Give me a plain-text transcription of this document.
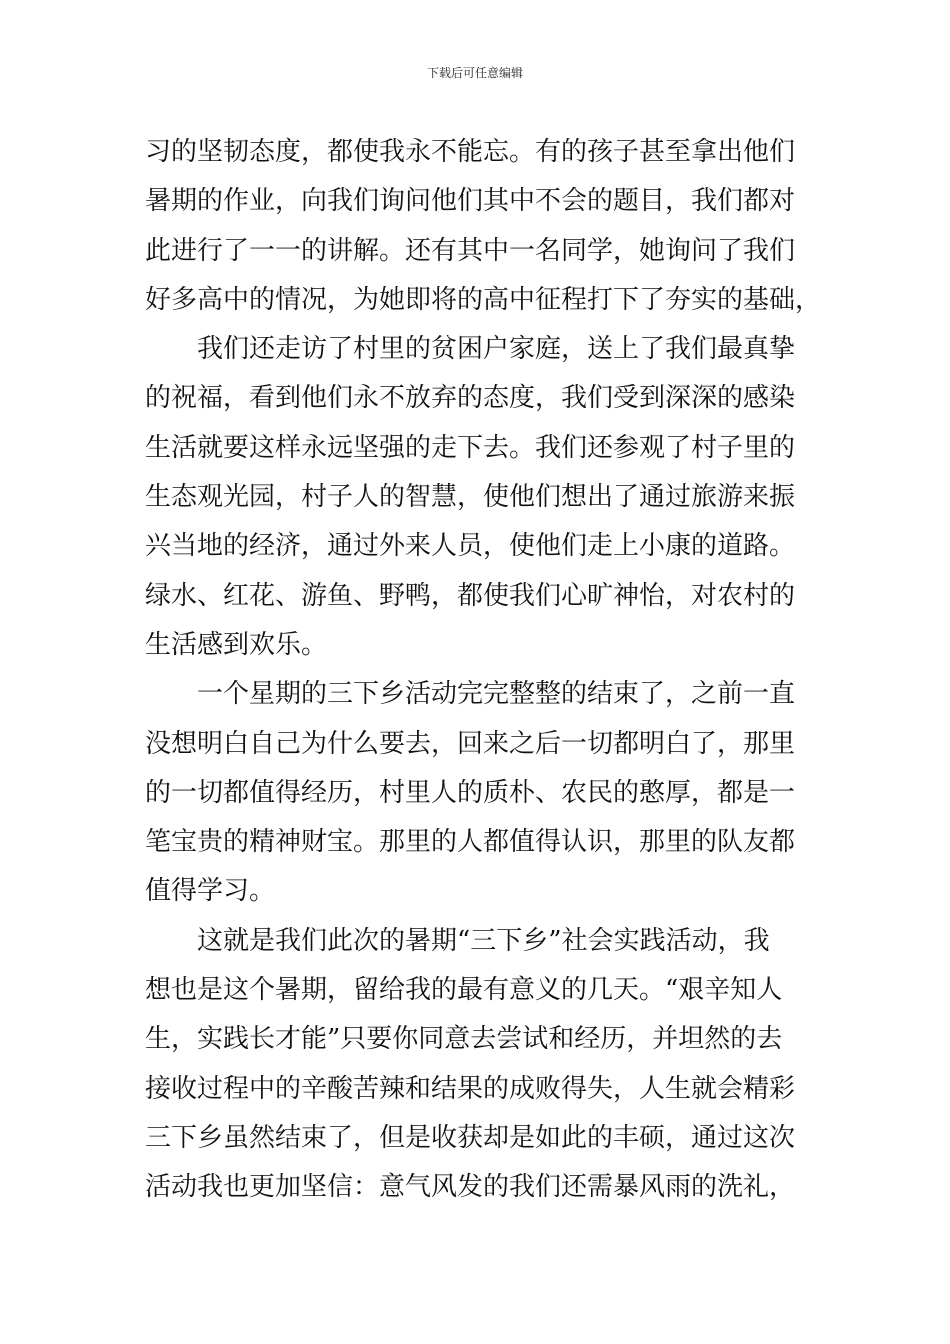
下载后可任意编辑
习的坚韧态度，都使我永不能忘。有的孩子甚至拿出他们
暑期的作业，向我们询问他们其中不会的题目，我们都对
此进行了一一的讲解。还有其中一名同学，她询问了我们
好多高中的情况，为她即将的高中征程打下了夯实的基础，
我们还走访了村里的贫困户家庭，送上了我们最真挚
的祝福，看到他们永不放弃的态度，我们受到深深的感染
生活就要这样永远坚强的走下去。我们还参观了村子里的
生态观光园，村子人的智慧，使他们想出了通过旅游来振
兴当地的经济，通过外来人员，使他们走上小康的道路。
绿水、红花、游鱼、野鸭，都使我们心旷神怡，对农村的
生活感到欢乐。
一个星期的三下乡活动完完整整的结束了，之前一直
没想明白自己为什么要去，回来之后一切都明白了，那里
的一切都值得经历，村里人的质朴、农民的憨厚，都是一
笔宝贵的精神财宝。那里的人都值得认识，那里的队友都
值得学习。
这就是我们此次的暑期“三下乡”社会实践活动，我
想也是这个暑期，留给我的最有意义的几天。“艰辛知人
生，实践长才能”只要你同意去尝试和经历，并坦然的去
接收过程中的辛酸苦辣和结果的成败得失，人生就会精彩
三下乡虽然结束了，但是收获却是如此的丰硕，通过这次
活动我也更加坚信：意气风发的我们还需暴风雨的洗礼，
